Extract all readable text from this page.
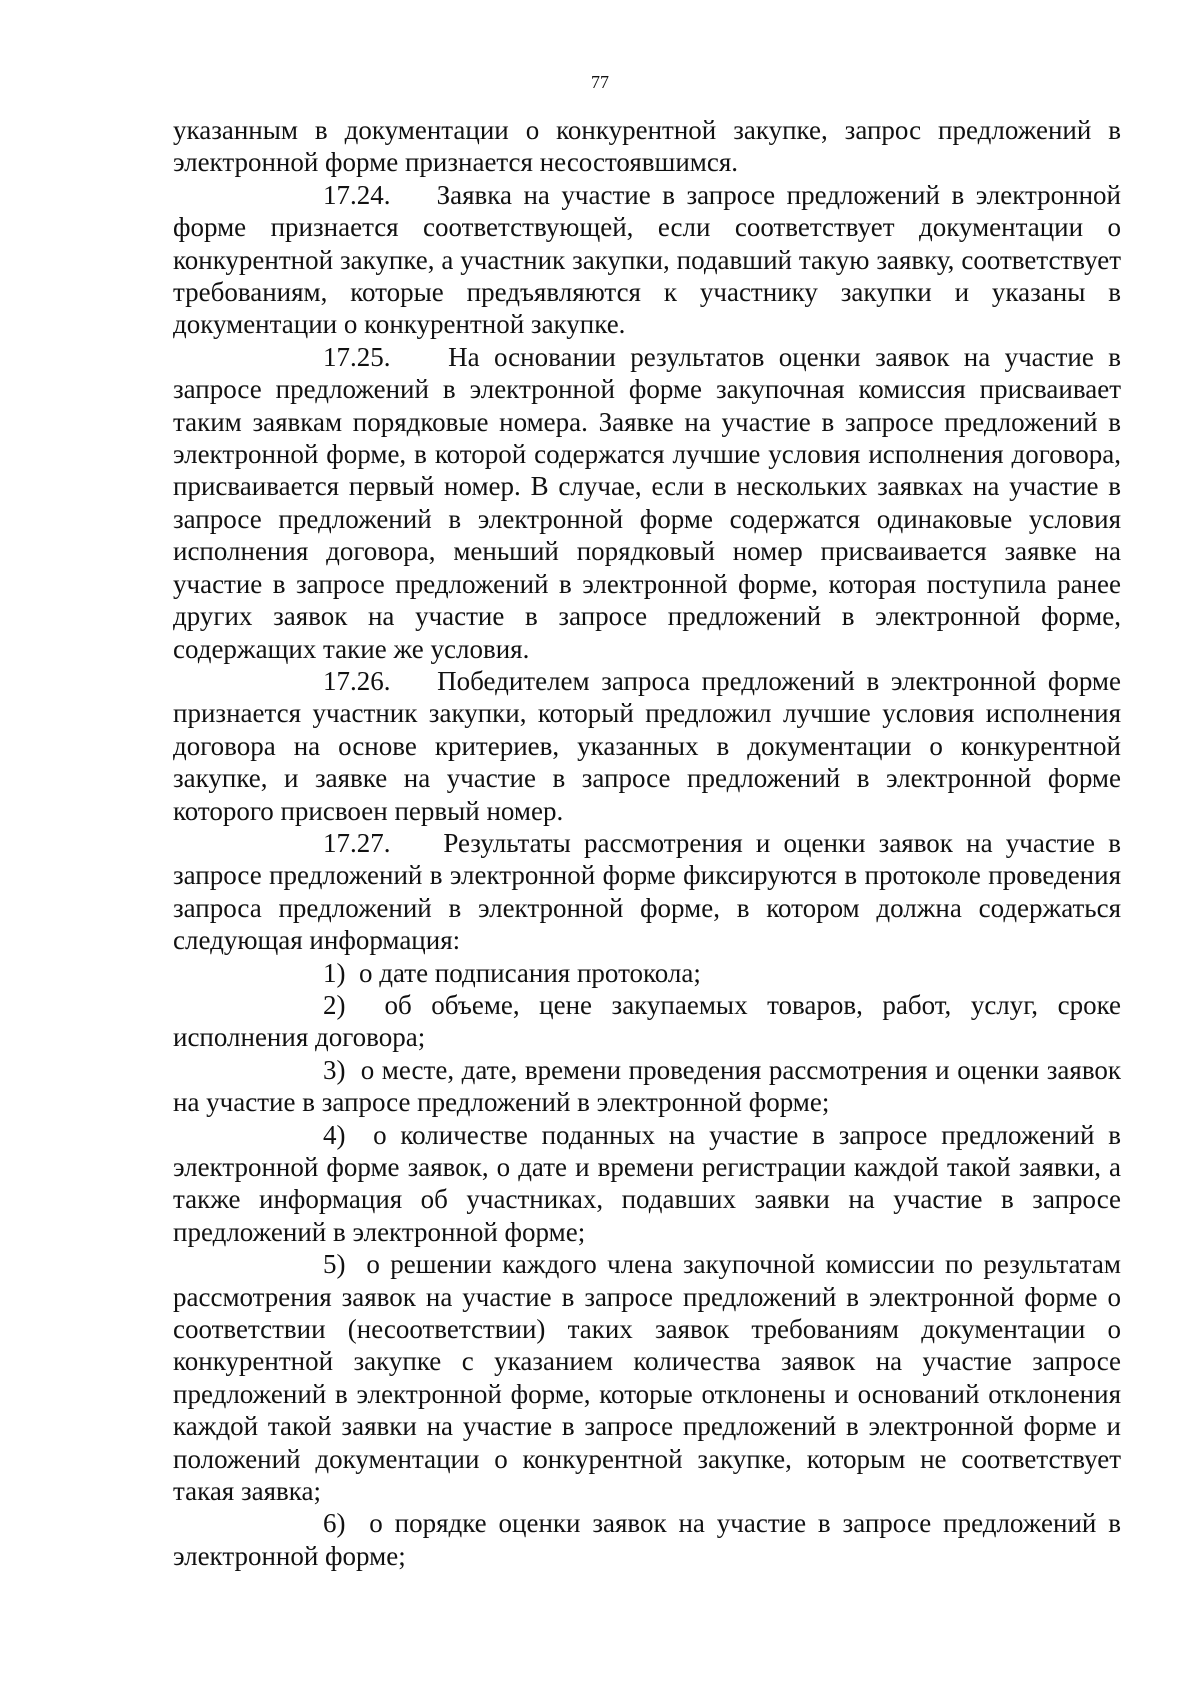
77

указанным в документации о конкурентной закупке, запрос предложений в электронной форме признается несостоявшимся.

17.24. Заявка на участие в запросе предложений в электронной форме признается соответствующей, если соответствует документации о конкурентной закупке, а участник закупки, подавший такую заявку, соответствует требованиям, которые предъявляются к участнику закупки и указаны в документации о конкурентной закупке.

17.25. На основании результатов оценки заявок на участие в запросе предложений в электронной форме закупочная комиссия присваивает таким заявкам порядковые номера. Заявке на участие в запросе предложений в электронной форме, в которой содержатся лучшие условия исполнения договора, присваивается первый номер. В случае, если в нескольких заявках на участие в запросе предложений в электронной форме содержатся одинаковые условия исполнения договора, меньший порядковый номер присваивается заявке на участие в запросе предложений в электронной форме, которая поступила ранее других заявок на участие в запросе предложений в электронной форме, содержащих такие же условия.

17.26. Победителем запроса предложений в электронной форме признается участник закупки, который предложил лучшие условия исполнения договора на основе критериев, указанных в документации о конкурентной закупке, и заявке на участие в запросе предложений в электронной форме которого присвоен первый номер.

17.27. Результаты рассмотрения и оценки заявок на участие в запросе предложений в электронной форме фиксируются в протоколе проведения запроса предложений в электронной форме, в котором должна содержаться следующая информация:

1) о дате подписания протокола;

2) об объеме, цене закупаемых товаров, работ, услуг, сроке исполнения договора;

3) о месте, дате, времени проведения рассмотрения и оценки заявок на участие в запросе предложений в электронной форме;

4) о количестве поданных на участие в запросе предложений в электронной форме заявок, о дате и времени регистрации каждой такой заявки, а также информация об участниках, подавших заявки на участие в запросе предложений в электронной форме;

5) о решении каждого члена закупочной комиссии по результатам рассмотрения заявок на участие в запросе предложений в электронной форме о соответствии (несоответствии) таких заявок требованиям документации о конкурентной закупке с указанием количества заявок на участие запросе предложений в электронной форме, которые отклонены и оснований отклонения каждой такой заявки на участие в запросе предложений в электронной форме и положений документации о конкурентной закупке, которым не соответствует такая заявка;

6) о порядке оценки заявок на участие в запросе предложений в электронной форме;
